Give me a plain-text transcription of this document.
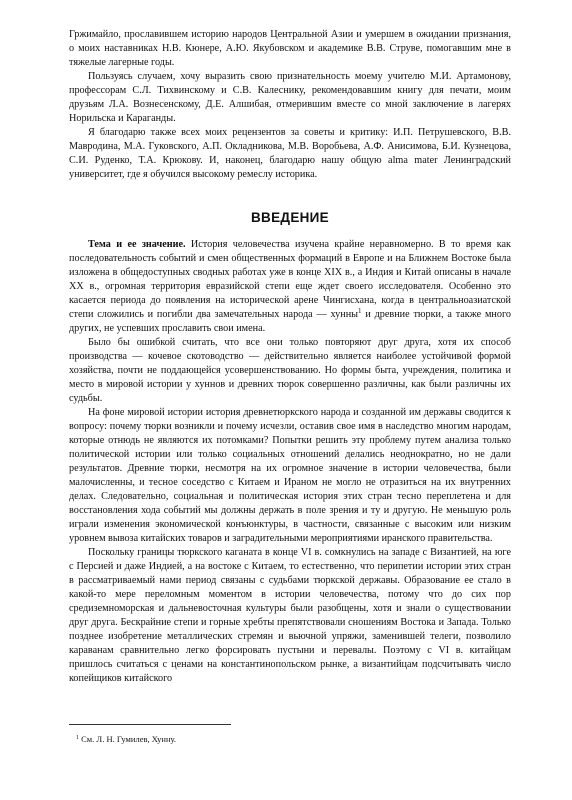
Гржимайло, прославившем историю народов Центральной Азии и умершем в ожидании признания, о моих наставниках Н.В. Кюнере, А.Ю. Якубовском и академике В.В. Струве, помогавшим мне в тяжелые лагерные годы.

Пользуясь случаем, хочу выразить свою признательность моему учителю М.И. Артамонову, профессорам С.Л. Тихвинскому и С.В. Калеснику, рекомендовавшим книгу для печати, моим друзьям Л.А. Вознесенскому, Д.Е. Алшибая, отмерившим вместе со мной заключение в лагерях Норильска и Караганды.

Я благодарю также всех моих рецензентов за советы и критику: И.П. Петрушевского, В.В. Мавродина, М.А. Гуковского, А.П. Окладникова, М.В. Воробьева, А.Ф. Аниcимова, Б.И. Кузнецова, С.И. Руденко, Т.А. Крюкову. И, наконец, благодарю нашу общую alma mater Ленинградский университет, где я обучился высокому ремеслу историка.

ВВЕДЕНИЕ

Тема и ее значение. История человечества изучена крайне неравномерно. В то время как последовательность событий и смен общественных формаций в Европе и на Ближнем Востоке была изложена в общедоступных сводных работах уже в конце XIX в., а Индия и Китай описаны в начале XX в., огромная территория евразийской степи еще ждет своего исследователя. Особенно это касается периода до появления на исторической арене Чингисхана, когда в центральноазиатской степи сложились и погибли два замечательных народа — хунны$^1$ и древние тюрки, а также много других, не успевших прославить свои имена.

Было бы ошибкой считать, что все они только повторяют друг друга, хотя их способ производства — кочевое скотоводство — действительно является наиболее устойчивой формой хозяйства, почти не поддающейся усовершенствованию. Но формы быта, учреждения, политика и место в мировой истории у хуннов и древних тюрок совершенно различны, как были различны их судьбы.

На фоне мировой истории история древнетюркского народа и созданной им державы сводится к вопросу: почему тюрки возникли и почему исчезли, оставив свое имя в наследство многим народам, которые отнюдь не являются их потомками? Попытки решить эту проблему путем анализа только политической истории или только социальных отношений делались неоднократно, но не дали результатов. Древние тюрки, несмотря на их огромное значение в истории человечества, были малочисленны, и тесное соседство с Китаем и Ираном не могло не отразиться на их внутренних делах. Следовательно, социальная и политическая история этих стран тесно переплетена и для восстановления хода событий мы должны держать в поле зрения и ту и другую. Не меньшую роль играли изменения экономической конъюнктуры, в частности, связанные с высоким или низким уровнем вывоза китайских товаров и заградительными мероприятиями иранского правительства.

Поскольку границы тюркского каганата в конце VI в. сомкнулись на западе с Византией, на юге с Персией и даже Индией, а на востоке с Китаем, то естественно, что перипетии истории этих стран в рассматриваемый нами период связаны с судьбами тюркской державы. Образование ее стало в какой-то мере переломным моментом в истории человечества, потому что до сих пор средиземноморская и дальневосточная культуры были разобщены, хотя и знали о существовании друг друга. Бескрайние степи и горные хребты препятствовали сношениям Востока и Запада. Только позднее изобретение металлических стремян и вьючной упряжи, заменившей телеги, позволило караванам сравнительно легко форсировать пустыни и перевалы. Поэтому с VI в. китайцам пришлось считаться с ценами на константинопольском рынке, а византийцам подсчитывать число копейщиков китайского

$^1$ См. Л. Н. Гумилев, Хунну.
